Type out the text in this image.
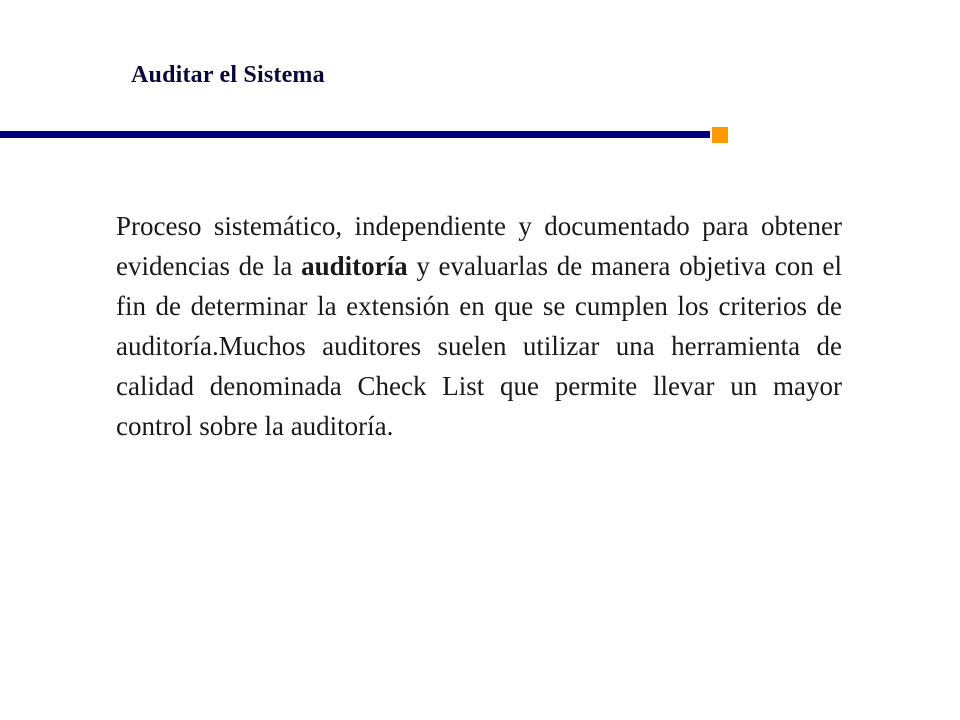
Auditar el Sistema

Proceso sistemático, independiente y documentado para obtener evidencias de la auditoría y evaluarlas de manera objetiva con el fin de determinar la extensión en que se cumplen los criterios de auditoría.Muchos auditores suelen utilizar una herramienta de calidad denominada Check List que permite llevar un mayor control sobre la auditoría.
